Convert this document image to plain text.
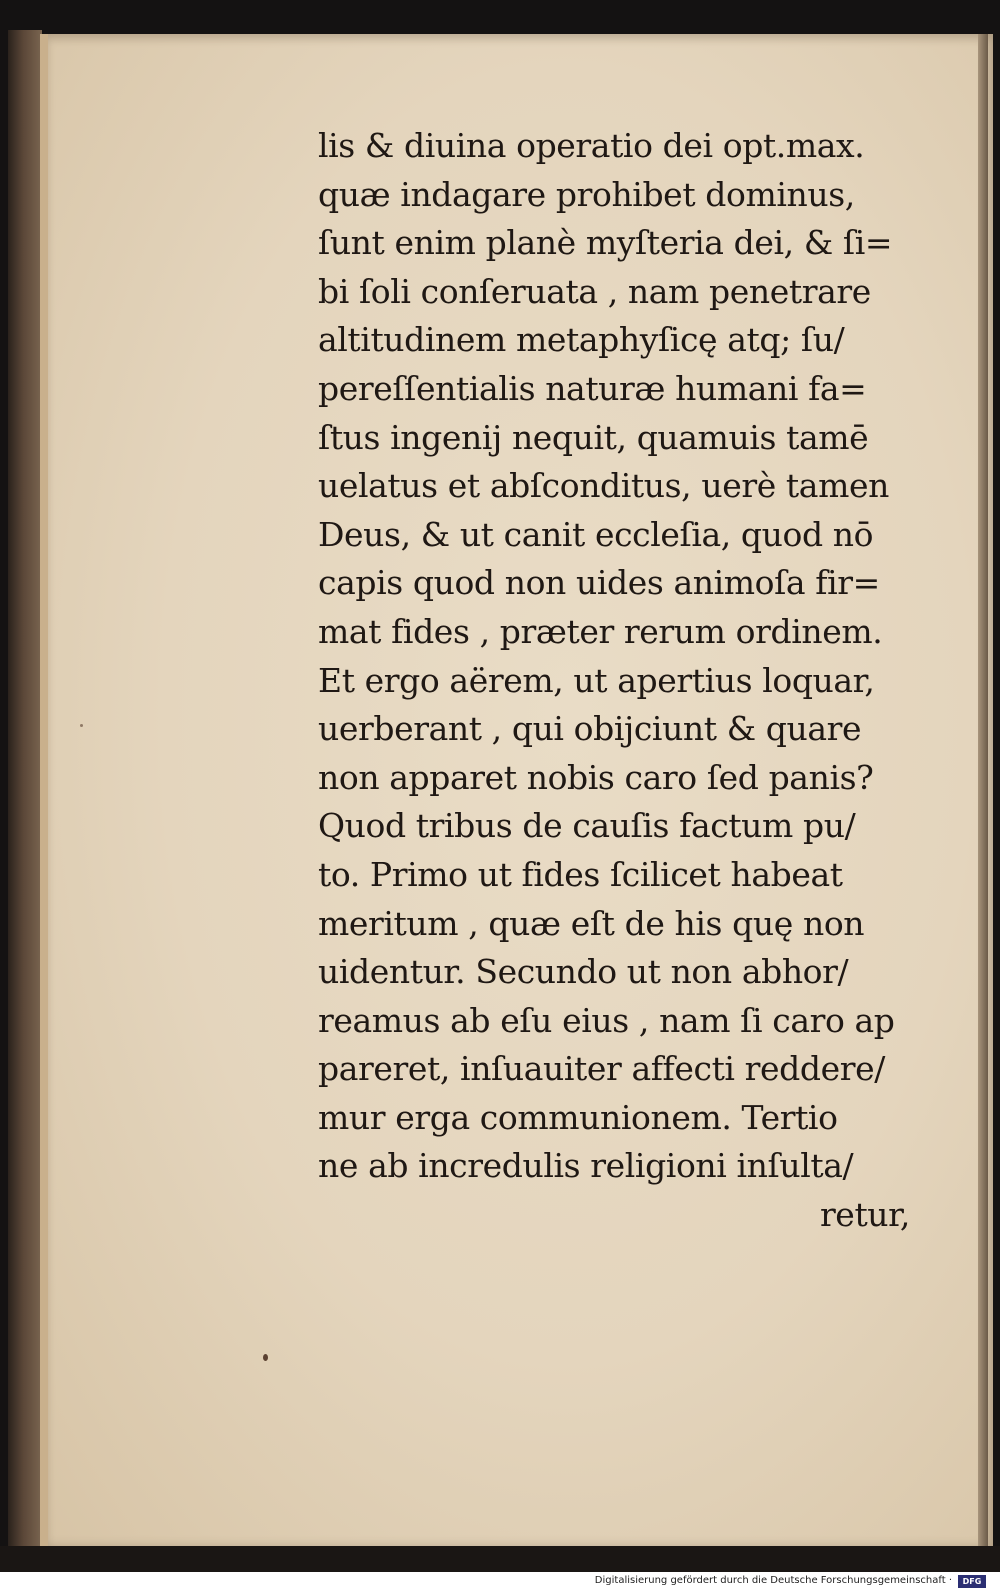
lis & diuina operatio dei opt.max.
quæ indagare prohibet dominus,
ſunt enim planè myſteria dei, & ſi=
bi ſoli conſeruata , nam penetrare
altitudinem metaphyſicę atq; ſu/
pereſſentialis naturæ humani fa=
ſtus ingenij nequit, quamuis tamē
uelatus et abſconditus, uerè tamen
Deus, & ut canit eccleſia, quod nō
capis quod non uides animoſa fir=
mat fides , præter rerum ordinem.
Et ergo aërem, ut apertius loquar,
uerberant , qui obijciunt & quare
non apparet nobis caro ſed panis?
Quod tribus de cauſis factum pu/
to. Primo ut fides ſcilicet habeat
meritum , quæ eſt de his quę non
uidentur. Secundo ut non abhor/
reamus ab eſu eius , nam ſi caro ap
pareret, inſuauiter affecti reddere/
mur erga communionem. Tertio
ne ab incredulis religioni inſulta/
retur,
Digitalisierung gefördert durch die Deutsche Forschungsgemeinschaft ·	DFG
